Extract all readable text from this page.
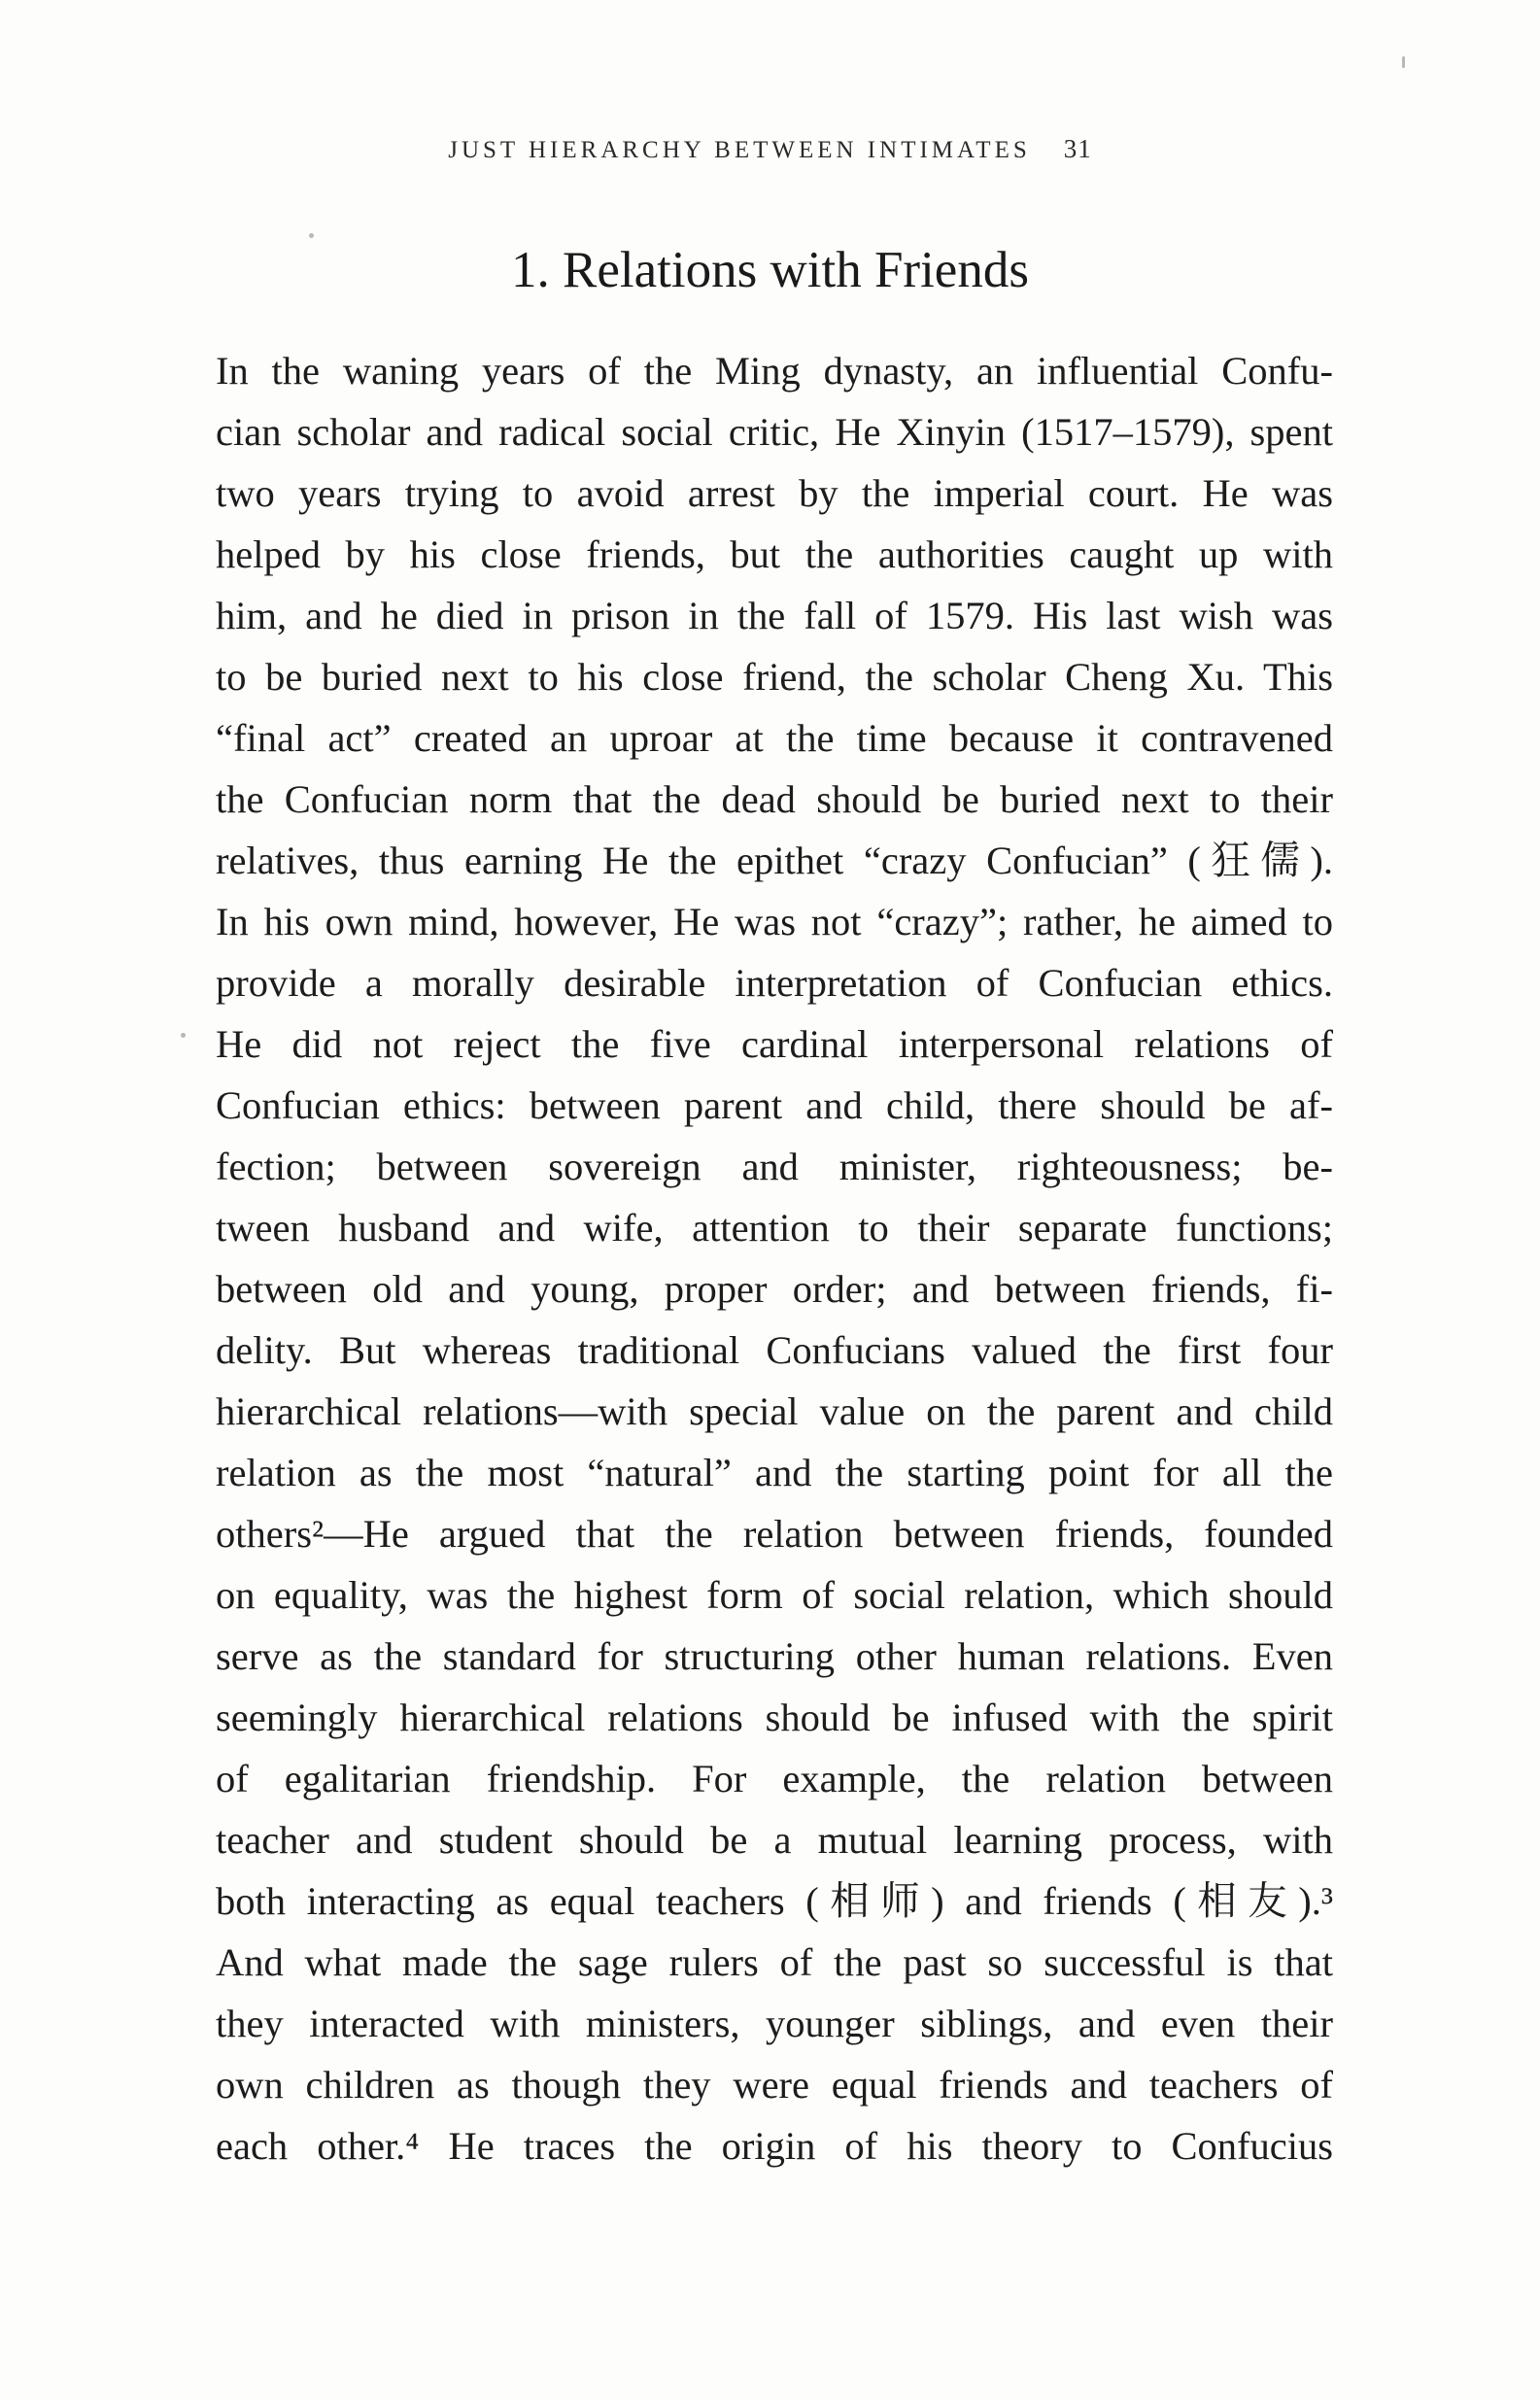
JUST HIERARCHY BETWEEN INTIMATES 31
1. Relations with Friends
In the waning years of the Ming dynasty, an influential Confu-
cian scholar and radical social critic, He Xinyin (1517–1579), spent
two years trying to avoid arrest by the imperial court. He was
helped by his close friends, but the authorities caught up with
him, and he died in prison in the fall of 1579. His last wish was
to be buried next to his close friend, the scholar Cheng Xu. This
“final act” created an uproar at the time because it contravened
the Confucian norm that the dead should be buried next to their
relatives, thus earning He the epithet “crazy Confucian” (狂儒).
In his own mind, however, He was not “crazy”; rather, he aimed to
provide a morally desirable interpretation of Confucian ethics.
He did not reject the five cardinal interpersonal relations of
Confucian ethics: between parent and child, there should be af-
fection; between sovereign and minister, righteousness; be-
tween husband and wife, attention to their separate functions;
between old and young, proper order; and between friends, fi-
delity. But whereas traditional Confucians valued the first four
hierarchical relations—with special value on the parent and child
relation as the most “natural” and the starting point for all the
others²—He argued that the relation between friends, founded
on equality, was the highest form of social relation, which should
serve as the standard for structuring other human relations. Even
seemingly hierarchical relations should be infused with the spirit
of egalitarian friendship. For example, the relation between
teacher and student should be a mutual learning process, with
both interacting as equal teachers (相师) and friends (相友).³
And what made the sage rulers of the past so successful is that
they interacted with ministers, younger siblings, and even their
own children as though they were equal friends and teachers of
each other.⁴ He traces the origin of his theory to Confucius
